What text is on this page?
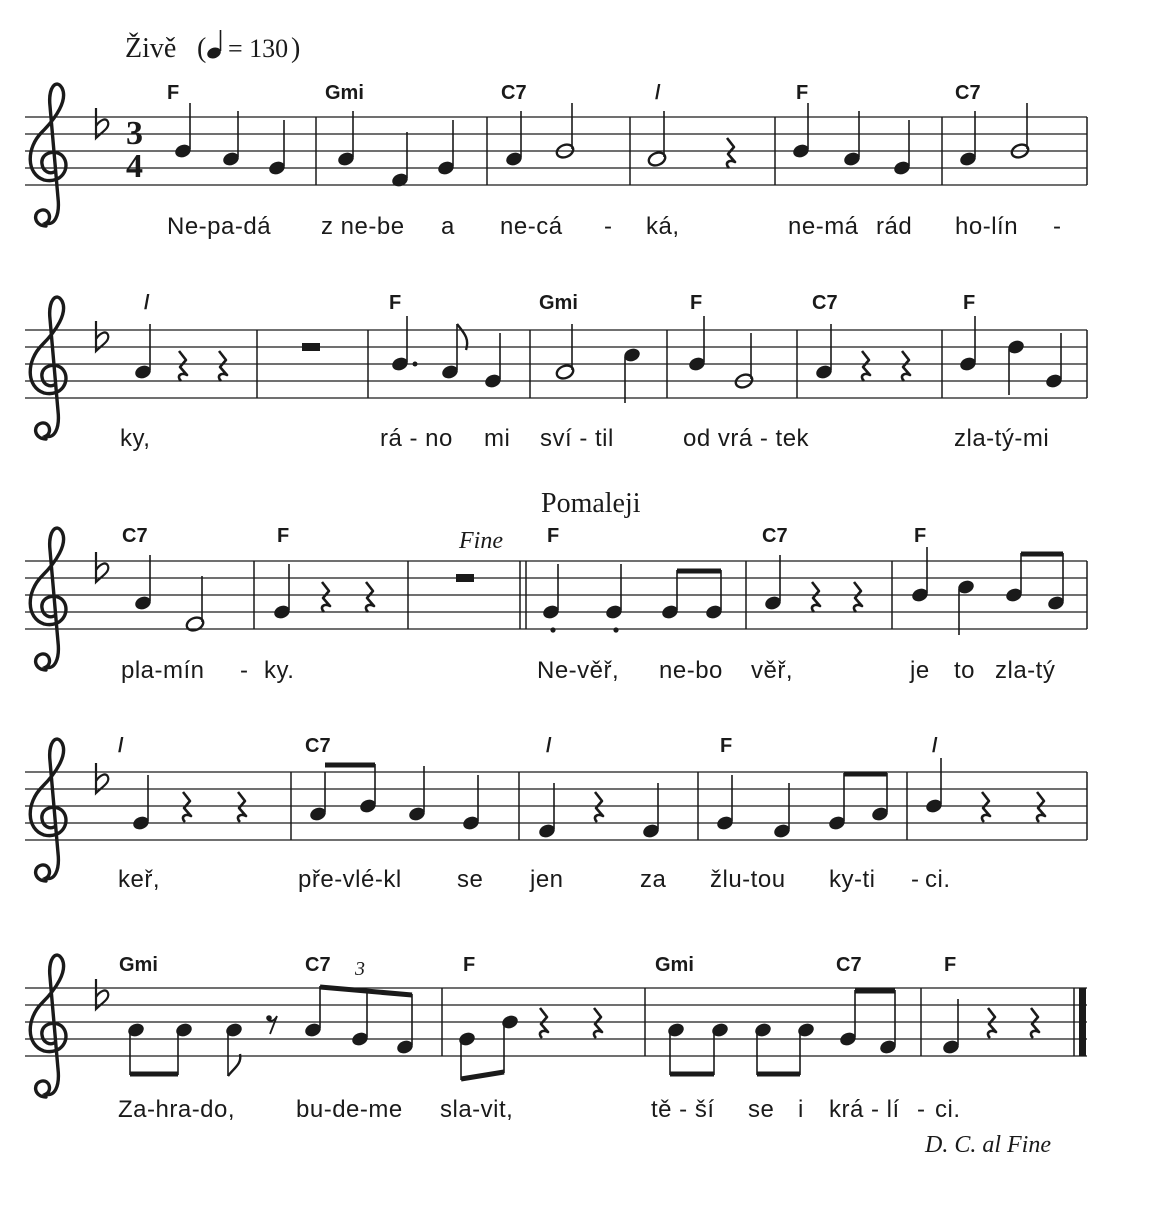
Živě ( = 130 )
3
4
F	Gmi	C7	/	F	C7
Ne-pa-dá z ne-be a ne-cá - ká,	ne-má rád ho-lín -
/	F	Gmi	F	C7	F
ky,	rá - no mi sví - til	od vrá - tek	zla-tý-mi
Pomaleji
Fine
C7	F	F	C7	F
pla-mín - ky.	Ne-věř, ne-bo věř,	je to zla-tý
/	C7	/	F	/
keř,	pře-vlé-kl se jen	za žlu-tou ky-ti - ci.
3
Gmi	C7	F	Gmi	C7	F
Za-hra-do,	bu-de-me sla-vit,	tě - ší se i krá - lí - ci.
D. C. al Fine
